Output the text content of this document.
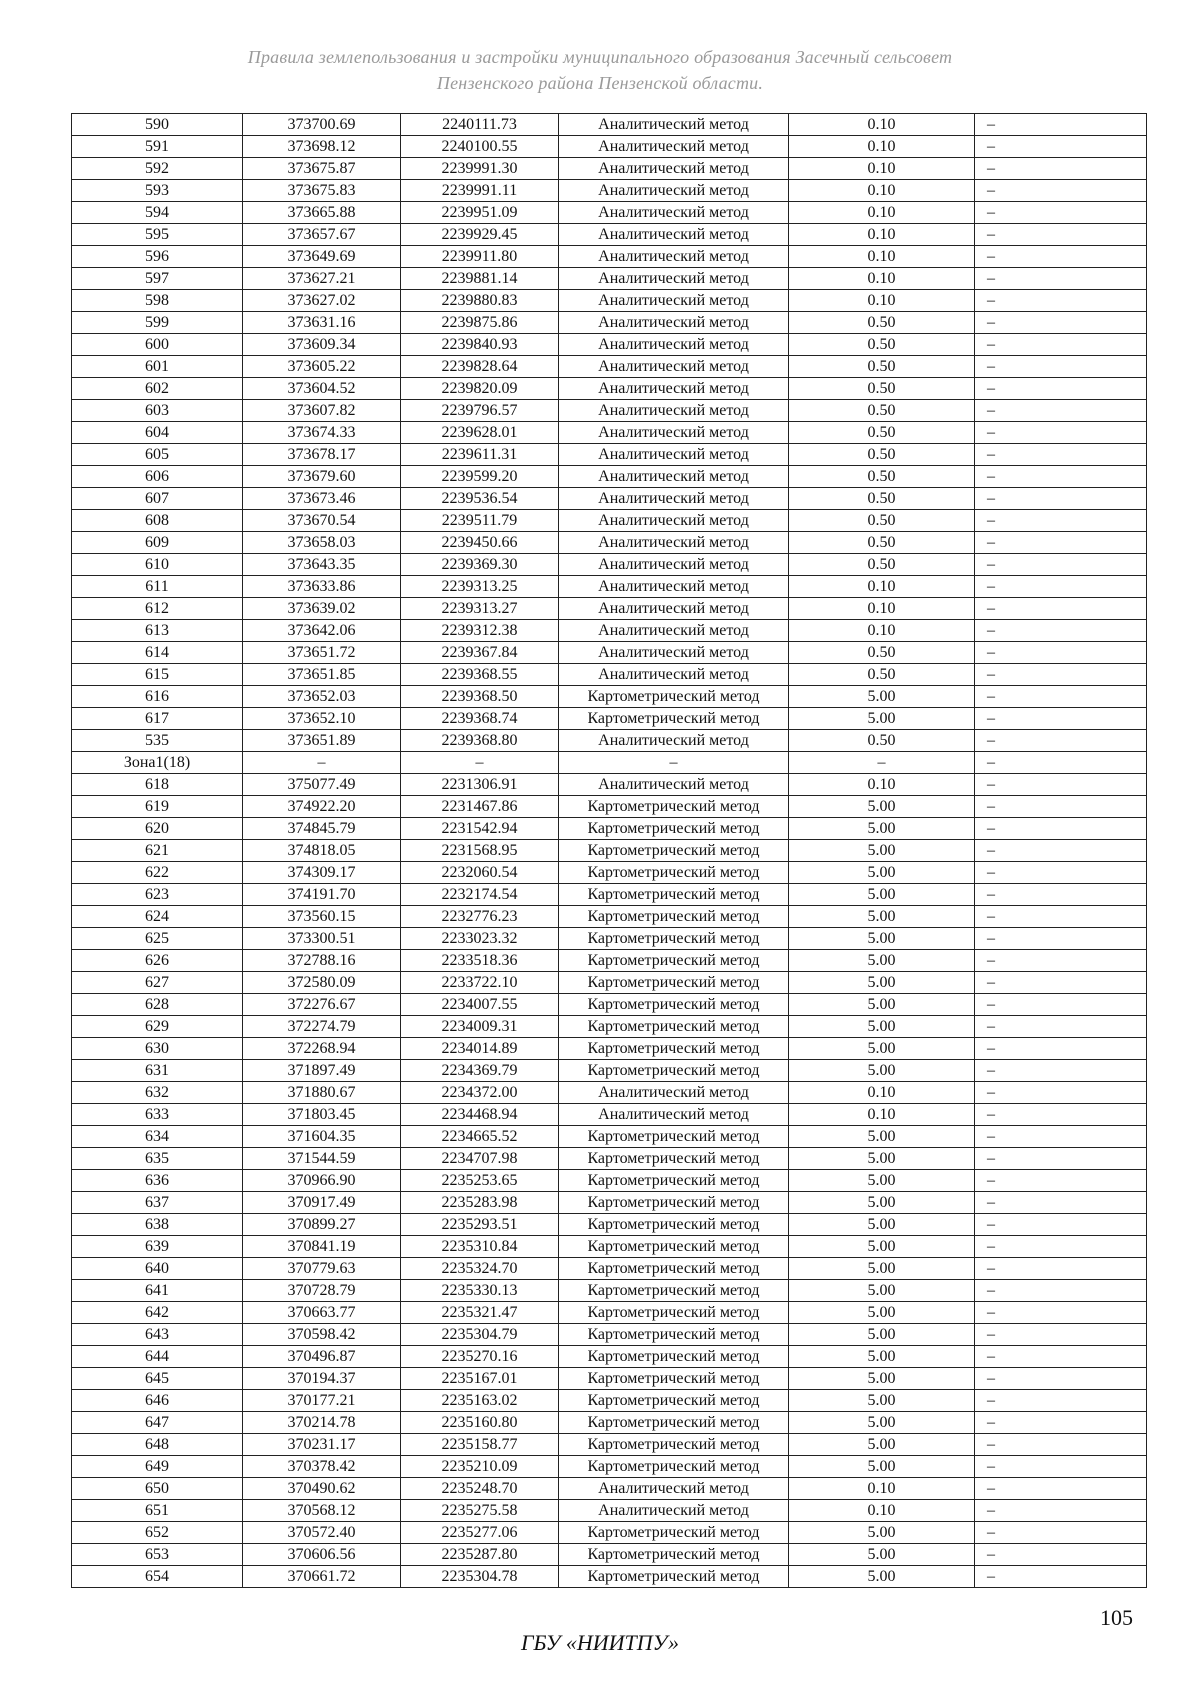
Правила землепользования и застройки муниципального образования Засечный сельсовет
Пензенского района Пензенской области.
590	373700.69	2240111.73	Аналитический метод	0.10	–
591	373698.12	2240100.55	Аналитический метод	0.10	–
592	373675.87	2239991.30	Аналитический метод	0.10	–
593	373675.83	2239991.11	Аналитический метод	0.10	–
594	373665.88	2239951.09	Аналитический метод	0.10	–
595	373657.67	2239929.45	Аналитический метод	0.10	–
596	373649.69	2239911.80	Аналитический метод	0.10	–
597	373627.21	2239881.14	Аналитический метод	0.10	–
598	373627.02	2239880.83	Аналитический метод	0.10	–
599	373631.16	2239875.86	Аналитический метод	0.50	–
600	373609.34	2239840.93	Аналитический метод	0.50	–
601	373605.22	2239828.64	Аналитический метод	0.50	–
602	373604.52	2239820.09	Аналитический метод	0.50	–
603	373607.82	2239796.57	Аналитический метод	0.50	–
604	373674.33	2239628.01	Аналитический метод	0.50	–
605	373678.17	2239611.31	Аналитический метод	0.50	–
606	373679.60	2239599.20	Аналитический метод	0.50	–
607	373673.46	2239536.54	Аналитический метод	0.50	–
608	373670.54	2239511.79	Аналитический метод	0.50	–
609	373658.03	2239450.66	Аналитический метод	0.50	–
610	373643.35	2239369.30	Аналитический метод	0.50	–
611	373633.86	2239313.25	Аналитический метод	0.10	–
612	373639.02	2239313.27	Аналитический метод	0.10	–
613	373642.06	2239312.38	Аналитический метод	0.10	–
614	373651.72	2239367.84	Аналитический метод	0.50	–
615	373651.85	2239368.55	Аналитический метод	0.50	–
616	373652.03	2239368.50	Картометрический метод	5.00	–
617	373652.10	2239368.74	Картометрический метод	5.00	–
535	373651.89	2239368.80	Аналитический метод	0.50	–
Зона1(18)	–	–	–	–	–
618	375077.49	2231306.91	Аналитический метод	0.10	–
619	374922.20	2231467.86	Картометрический метод	5.00	–
620	374845.79	2231542.94	Картометрический метод	5.00	–
621	374818.05	2231568.95	Картометрический метод	5.00	–
622	374309.17	2232060.54	Картометрический метод	5.00	–
623	374191.70	2232174.54	Картометрический метод	5.00	–
624	373560.15	2232776.23	Картометрический метод	5.00	–
625	373300.51	2233023.32	Картометрический метод	5.00	–
626	372788.16	2233518.36	Картометрический метод	5.00	–
627	372580.09	2233722.10	Картометрический метод	5.00	–
628	372276.67	2234007.55	Картометрический метод	5.00	–
629	372274.79	2234009.31	Картометрический метод	5.00	–
630	372268.94	2234014.89	Картометрический метод	5.00	–
631	371897.49	2234369.79	Картометрический метод	5.00	–
632	371880.67	2234372.00	Аналитический метод	0.10	–
633	371803.45	2234468.94	Аналитический метод	0.10	–
634	371604.35	2234665.52	Картометрический метод	5.00	–
635	371544.59	2234707.98	Картометрический метод	5.00	–
636	370966.90	2235253.65	Картометрический метод	5.00	–
637	370917.49	2235283.98	Картометрический метод	5.00	–
638	370899.27	2235293.51	Картометрический метод	5.00	–
639	370841.19	2235310.84	Картометрический метод	5.00	–
640	370779.63	2235324.70	Картометрический метод	5.00	–
641	370728.79	2235330.13	Картометрический метод	5.00	–
642	370663.77	2235321.47	Картометрический метод	5.00	–
643	370598.42	2235304.79	Картометрический метод	5.00	–
644	370496.87	2235270.16	Картометрический метод	5.00	–
645	370194.37	2235167.01	Картометрический метод	5.00	–
646	370177.21	2235163.02	Картометрический метод	5.00	–
647	370214.78	2235160.80	Картометрический метод	5.00	–
648	370231.17	2235158.77	Картометрический метод	5.00	–
649	370378.42	2235210.09	Картометрический метод	5.00	–
650	370490.62	2235248.70	Аналитический метод	0.10	–
651	370568.12	2235275.58	Аналитический метод	0.10	–
652	370572.40	2235277.06	Картометрический метод	5.00	–
653	370606.56	2235287.80	Картометрический метод	5.00	–
654	370661.72	2235304.78	Картометрический метод	5.00	–
105
ГБУ «НИИТПУ»
